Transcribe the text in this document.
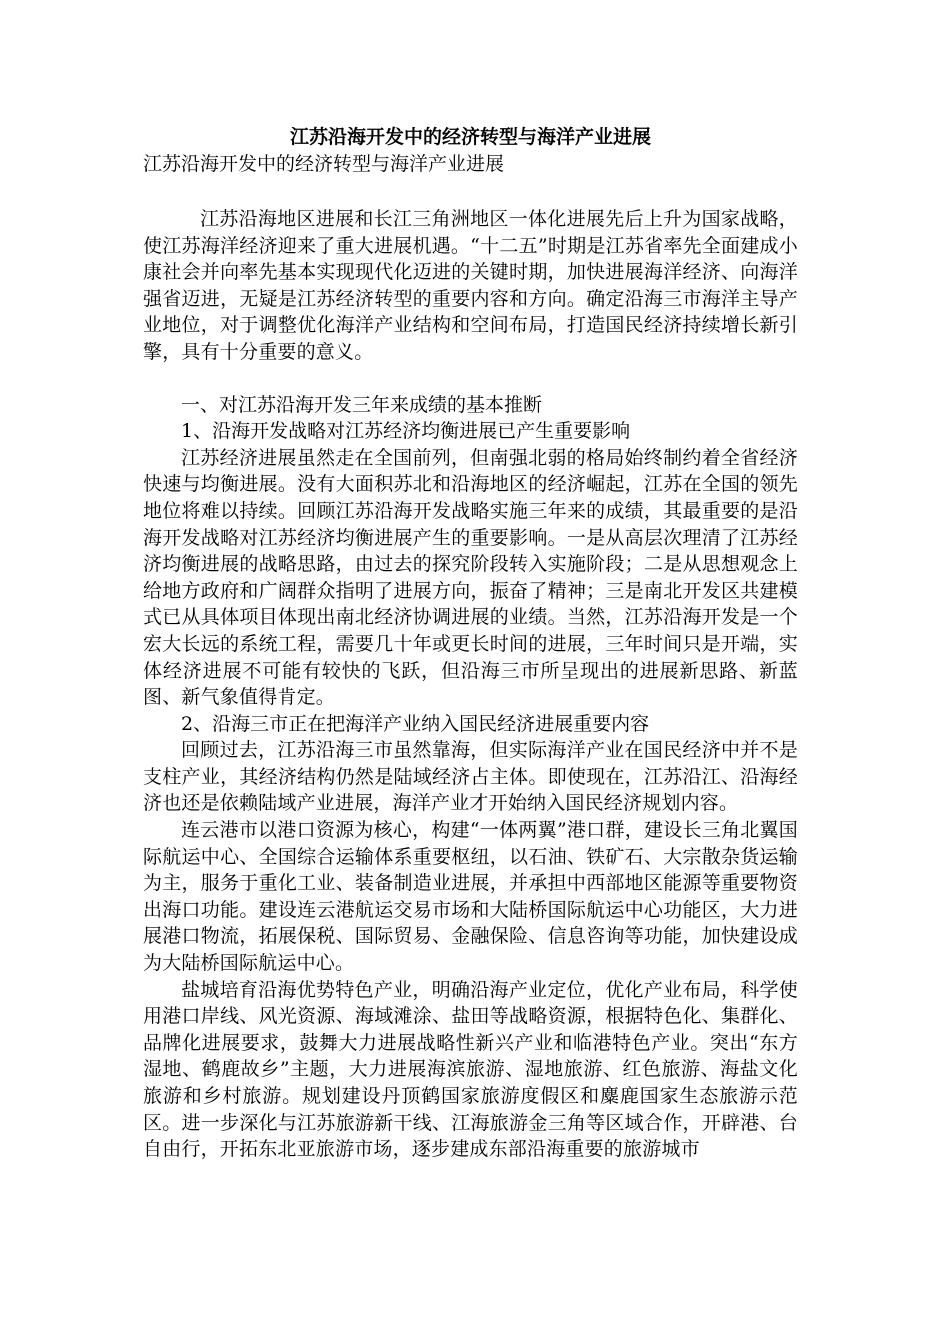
江苏沿海开发中的经济转型与海洋产业进展

江苏沿海开发中的经济转型与海洋产业进展

江苏沿海地区进展和长江三角洲地区一体化进展先后上升为国家战略，使江苏海洋经济迎来了重大进展机遇。“十二五”时期是江苏省率先全面建成小康社会并向率先基本实现现代化迈进的关键时期，加快进展海洋经济、向海洋强省迈进，无疑是江苏经济转型的重要内容和方向。确定沿海三市海洋主导产业地位，对于调整优化海洋产业结构和空间布局，打造国民经济持续增长新引擎，具有十分重要的意义。

一、对江苏沿海开发三年来成绩的基本推断

1、沿海开发战略对江苏经济均衡进展已产生重要影响

江苏经济进展虽然走在全国前列，但南强北弱的格局始终制约着全省经济快速与均衡进展。没有大面积苏北和沿海地区的经济崛起，江苏在全国的领先地位将难以持续。回顾江苏沿海开发战略实施三年来的成绩，其最重要的是沿海开发战略对江苏经济均衡进展产生的重要影响。一是从高层次理清了江苏经济均衡进展的战略思路，由过去的探究阶段转入实施阶段；二是从思想观念上给地方政府和广阔群众指明了进展方向，振奋了精神；三是南北开发区共建模式已从具体项目体现出南北经济协调进展的业绩。当然，江苏沿海开发是一个宏大长远的系统工程，需要几十年或更长时间的进展，三年时间只是开端，实体经济进展不可能有较快的飞跃，但沿海三市所呈现出的进展新思路、新蓝图、新气象值得肯定。

2、沿海三市正在把海洋产业纳入国民经济进展重要内容

回顾过去，江苏沿海三市虽然靠海，但实际海洋产业在国民经济中并不是支柱产业，其经济结构仍然是陆域经济占主体。即使现在，江苏沿江、沿海经济也还是依赖陆域产业进展，海洋产业才开始纳入国民经济规划内容。

连云港市以港口资源为核心，构建“一体两翼”港口群，建设长三角北翼国际航运中心、全国综合运输体系重要枢纽，以石油、铁矿石、大宗散杂货运输为主，服务于重化工业、装备制造业进展，并承担中西部地区能源等重要物资出海口功能。建设连云港航运交易市场和大陆桥国际航运中心功能区，大力进展港口物流，拓展保税、国际贸易、金融保险、信息咨询等功能，加快建设成为大陆桥国际航运中心。

盐城培育沿海优势特色产业，明确沿海产业定位，优化产业布局，科学使用港口岸线、风光资源、海域滩涂、盐田等战略资源，根据特色化、集群化、品牌化进展要求，鼓舞大力进展战略性新兴产业和临港特色产业。突出“东方湿地、鹤鹿故乡”主题，大力进展海滨旅游、湿地旅游、红色旅游、海盐文化旅游和乡村旅游。规划建设丹顶鹤国家旅游度假区和麋鹿国家生态旅游示范区。进一步深化与江苏旅游新干线、江海旅游金三角等区域合作，开辟港、台自由行，开拓东北亚旅游市场，逐步建成东部沿海重要的旅游城市
